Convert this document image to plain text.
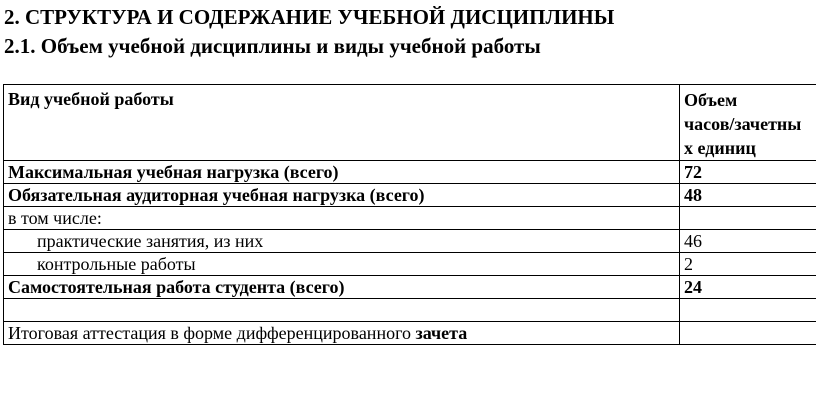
2. СТРУКТУРА И СОДЕРЖАНИЕ УЧЕБНОЙ ДИСЦИПЛИНЫ
2.1. Объем учебной дисциплины и виды учебной работы
Вид учебной работы	Объем
часов/зачетны
х единиц

Максимальная учебная нагрузка (всего)	72
Обязательная аудиторная учебная нагрузка (всего)	48
в том числе:	
практические занятия, из них	46
контрольные работы	2
Самостоятельная работа студента (всего)	24

Итоговая аттестация в форме дифференцированного зачета	
